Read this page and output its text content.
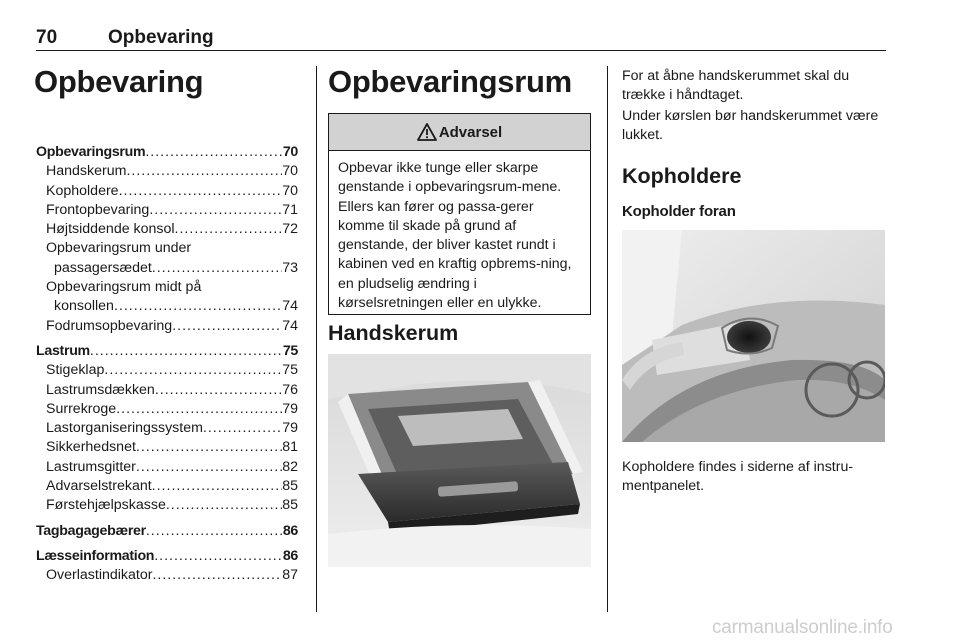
70	Opbevaring
Opbevaring
Opbevaringsrum .....	70
Handskerum .....	70
Kopholdere .....	70
Frontopbevaring .....	71
Højtsiddende konsol .....	72
Opbevaringsrum under
passagersædet .....	73
Opbevaringsrum midt på
konsollen .....	74
Fodrumsopbevaring .....	74
Lastrum .....	75
Stigeklap .....	75
Lastrumsdækken .....	76
Surrekroge .....	79
Lastorganiseringssystem .....	79
Sikkerhedsnet .....	81
Lastrumsgitter .....	82
Advarselstrekant .....	85
Førstehjælpskasse .....	85
Tagbagagebærer .....	86
Læsseinformation .....	86
Overlastindikator .....	87
Opbevaringsrum
Advarsel
Opbevar ikke tunge eller skarpe genstande i opbevaringsrum-mene. Ellers kan fører og passa-gerer komme til skade på grund af genstande, der bliver kastet rundt i kabinen ved en kraftig opbrems-ning, en pludselig ændring i kørselsretningen eller en ulykke.
Handskerum
For at åbne handskerummet skal du trække i håndtaget.
Under kørslen bør handskerummet være lukket.
Kopholdere
Kopholder foran
Kopholdere findes i siderne af instru-mentpanelet.
carmanualsonline.info
